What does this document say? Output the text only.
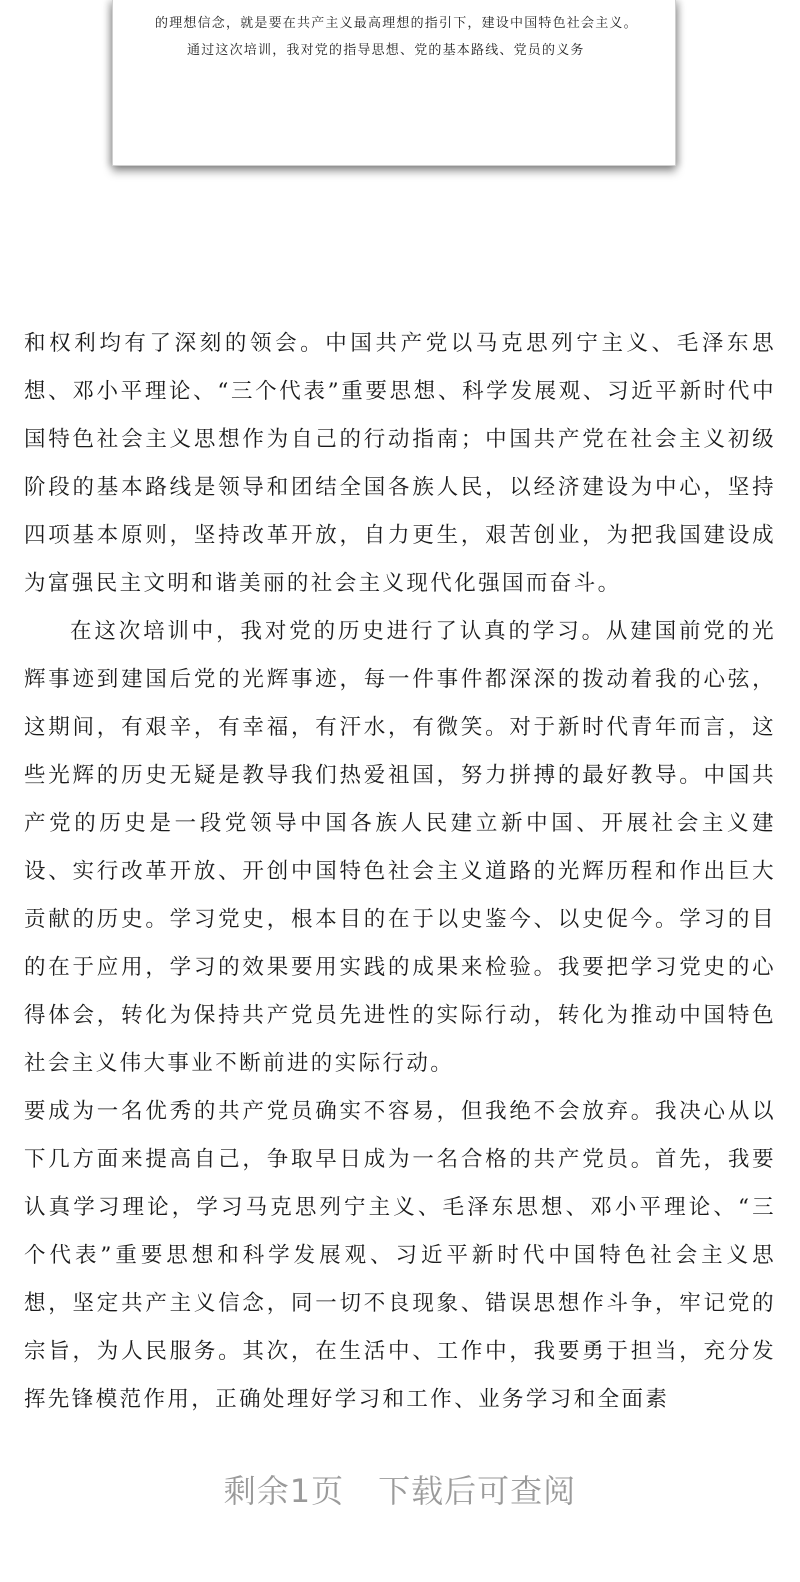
的理想信念，就是要在共产主义最高理想的指引下，建设中国特色社会主义。

通过这次培训，我对党的指导思想、党的基本路线、党员的义务

和权利均有了深刻的领会。中国共产党以马克思列宁主义、毛泽东思想、邓小平理论、“三个代表”重要思想、科学发展观、习近平新时代中国特色社会主义思想作为自己的行动指南；中国共产党在社会主义初级阶段的基本路线是领导和团结全国各族人民，以经济建设为中心，坚持四项基本原则，坚持改革开放，自力更生，艰苦创业，为把我国建设成为富强民主文明和谐美丽的社会主义现代化强国而奋斗。

在这次培训中，我对党的历史进行了认真的学习。从建国前党的光辉事迹到建国后党的光辉事迹，每一件事件都深深的拨动着我的心弦，这期间，有艰辛，有幸福，有汗水，有微笑。对于新时代青年而言，这些光辉的历史无疑是教导我们热爱祖国，努力拼搏的最好教导。中国共产党的历史是一段党领导中国各族人民建立新中国、开展社会主义建设、实行改革开放、开创中国特色社会主义道路的光辉历程和作出巨大贡献的历史。学习党史，根本目的在于以史鉴今、以史促今。学习的目的在于应用，学习的效果要用实践的成果来检验。我要把学习党史的心得体会，转化为保持共产党员先进性的实际行动，转化为推动中国特色社会主义伟大事业不断前进的实际行动。

要成为一名优秀的共产党员确实不容易，但我绝不会放弃。我决心从以下几方面来提高自己，争取早日成为一名合格的共产党员。首先，我要认真学习理论，学习马克思列宁主义、毛泽东思想、邓小平理论、“三个代表”重要思想和科学发展观、习近平新时代中国特色社会主义思想，坚定共产主义信念，同一切不良现象、错误思想作斗争，牢记党的宗旨，为人民服务。其次，在生活中、工作中，我要勇于担当，充分发挥先锋模范作用，正确处理好学习和工作、业务学习和全面素

剩余1页 下载后可查阅
